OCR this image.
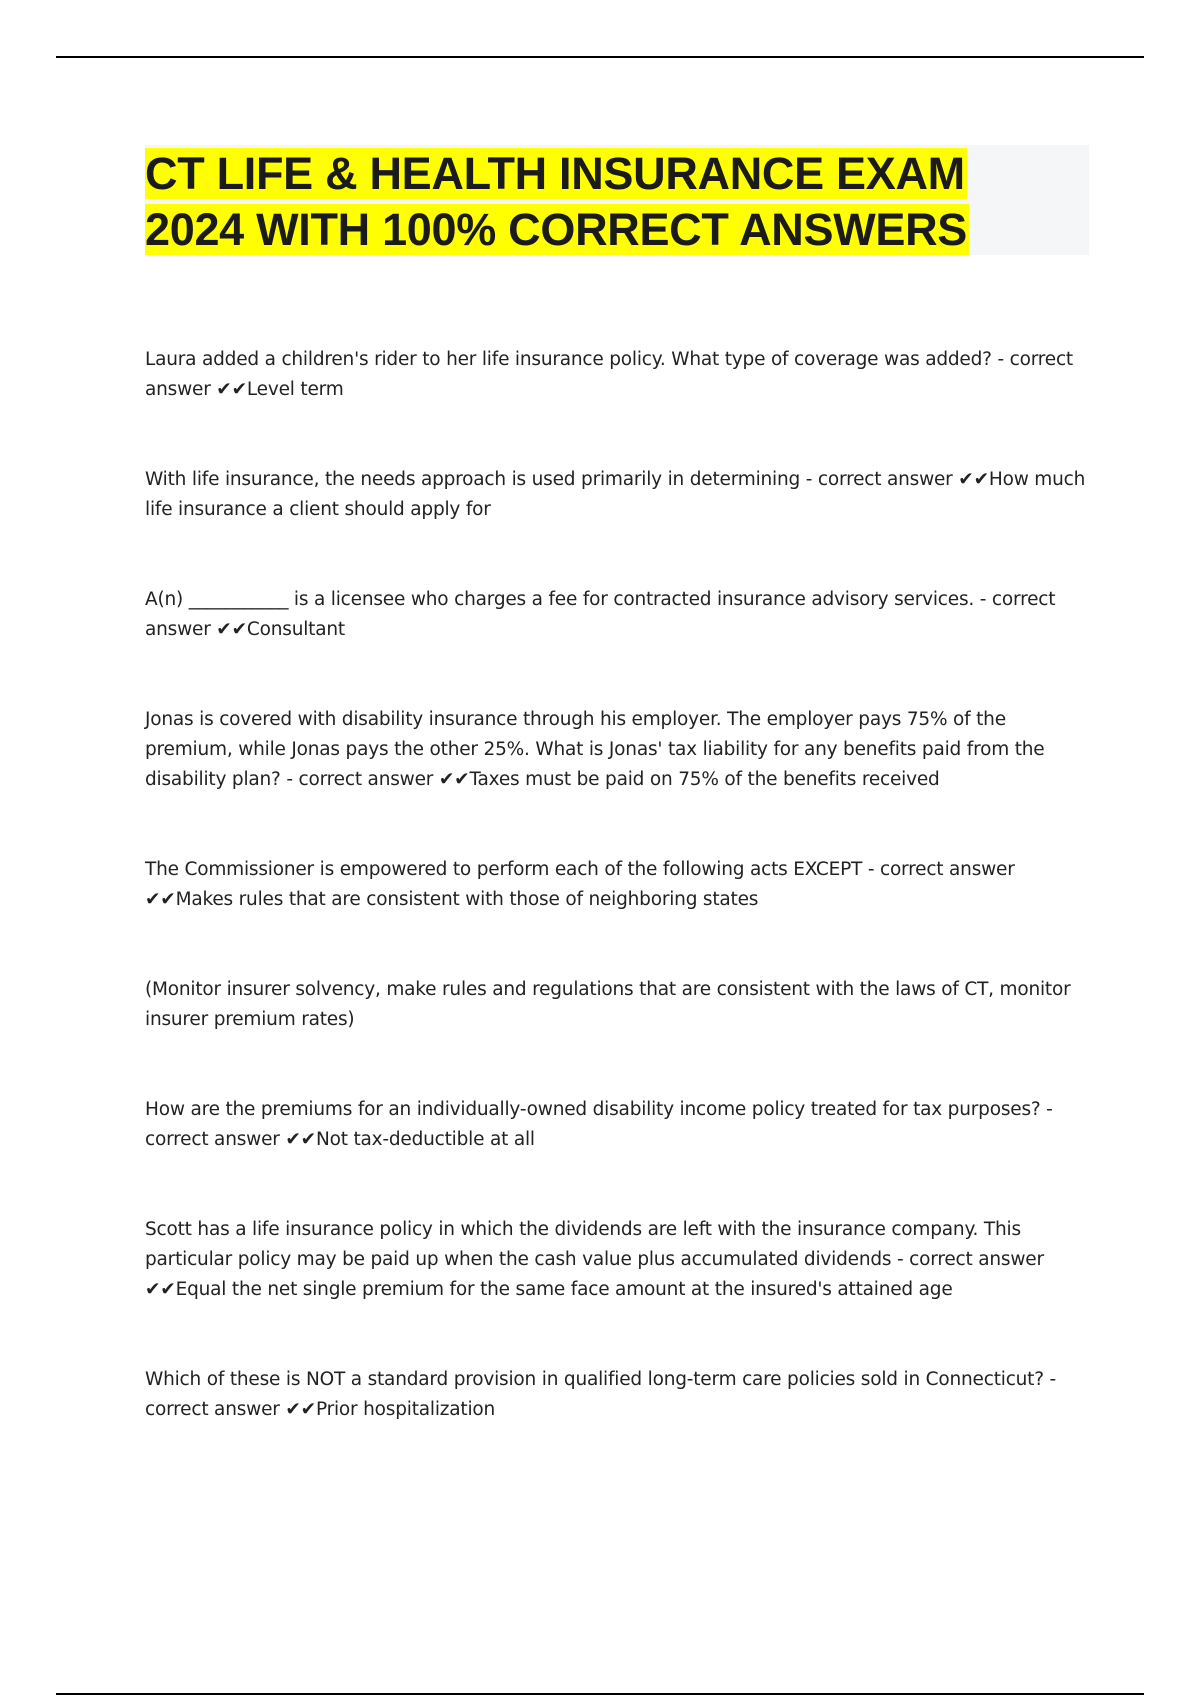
CT LIFE & HEALTH INSURANCE EXAM 2024 WITH 100% CORRECT ANSWERS

Laura added a children's rider to her life insurance policy. What type of coverage was added? - correct answer ✔✔Level term

With life insurance, the needs approach is used primarily in determining - correct answer ✔✔How much life insurance a client should apply for

A(n) ___________ is a licensee who charges a fee for contracted insurance advisory services. - correct answer ✔✔Consultant

Jonas is covered with disability insurance through his employer. The employer pays 75% of the premium, while Jonas pays the other 25%. What is Jonas' tax liability for any benefits paid from the disability plan? - correct answer ✔✔Taxes must be paid on 75% of the benefits received

The Commissioner is empowered to perform each of the following acts EXCEPT - correct answer ✔✔Makes rules that are consistent with those of neighboring states

(Monitor insurer solvency, make rules and regulations that are consistent with the laws of CT, monitor insurer premium rates)

How are the premiums for an individually-owned disability income policy treated for tax purposes? - correct answer ✔✔Not tax-deductible at all

Scott has a life insurance policy in which the dividends are left with the insurance company. This particular policy may be paid up when the cash value plus accumulated dividends - correct answer ✔✔Equal the net single premium for the same face amount at the insured's attained age

Which of these is NOT a standard provision in qualified long-term care policies sold in Connecticut? - correct answer ✔✔Prior hospitalization
